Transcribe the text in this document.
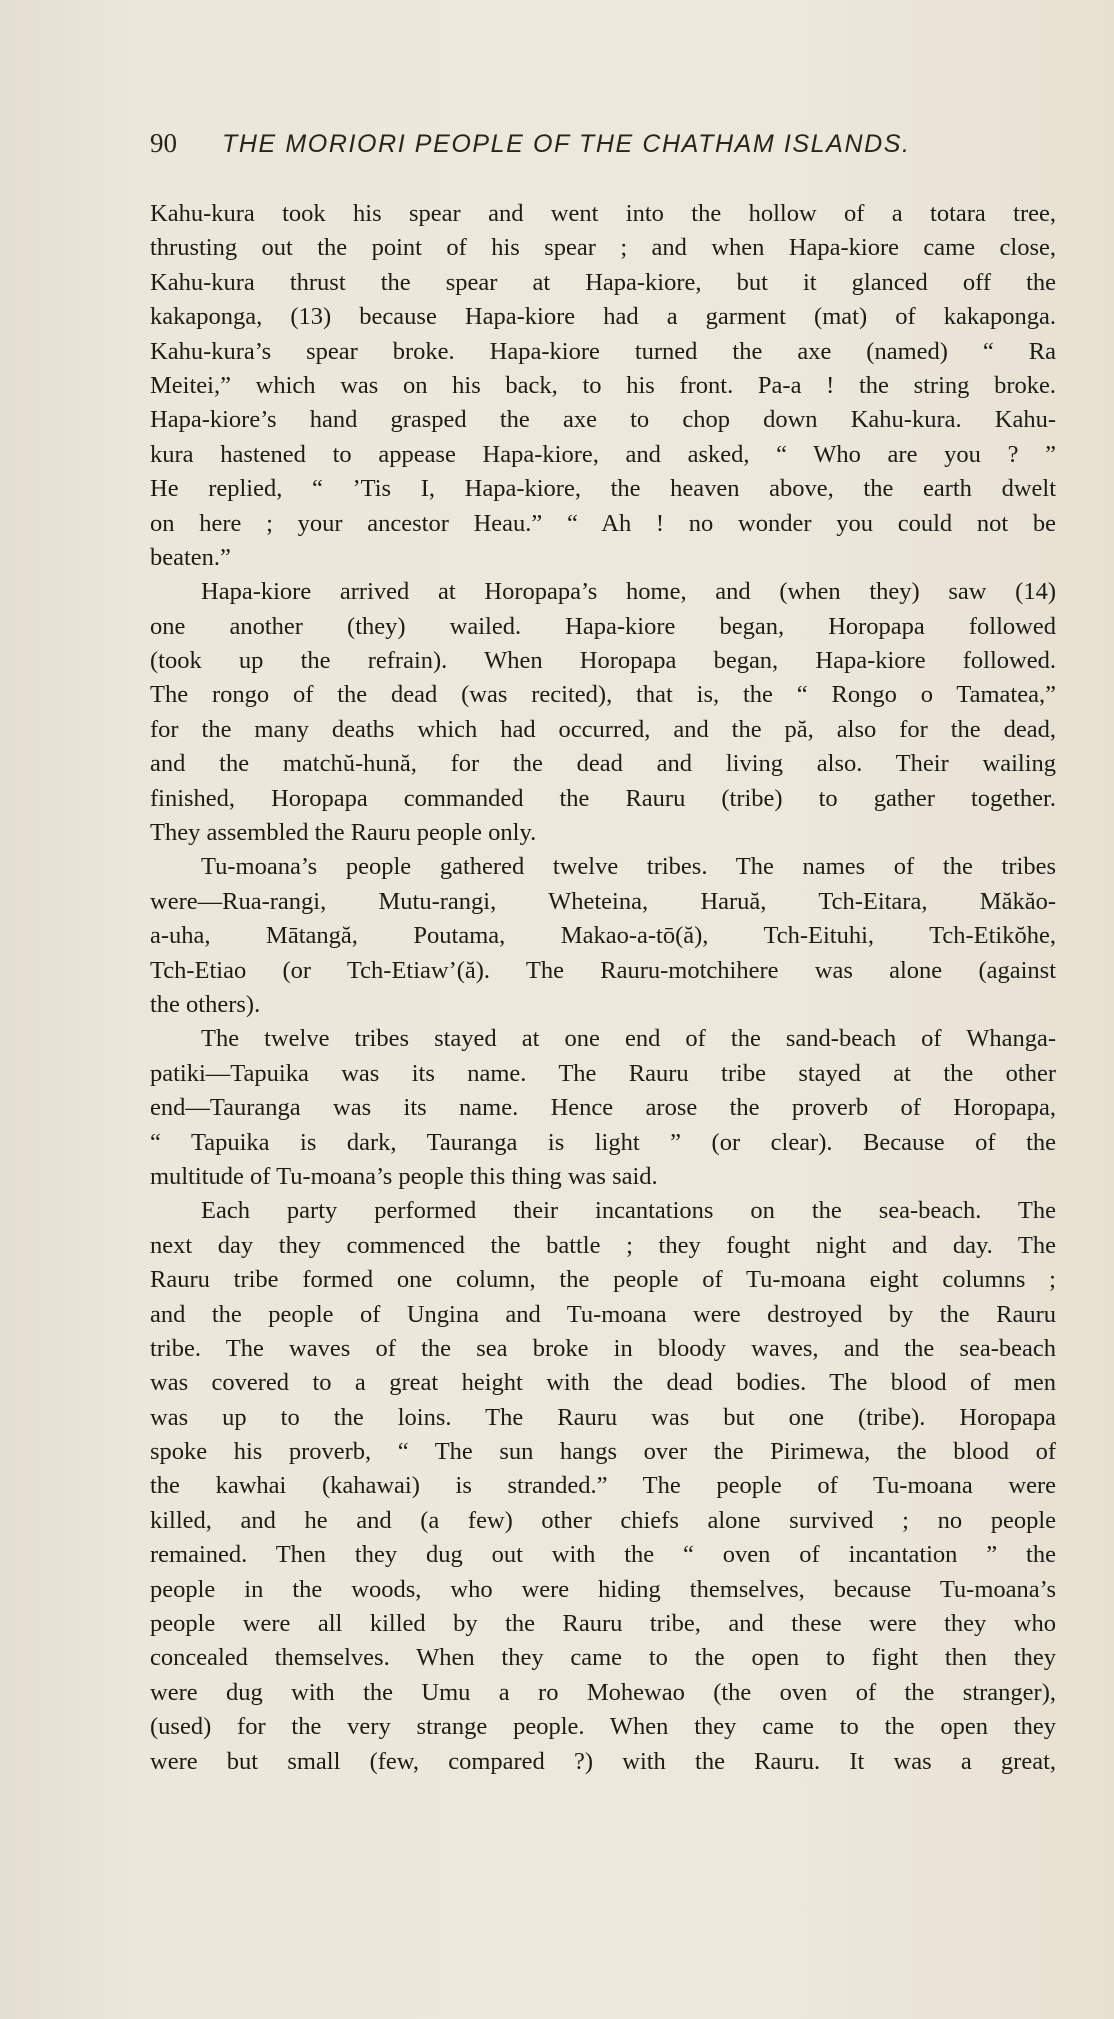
90	THE MORIORI PEOPLE OF THE CHATHAM ISLANDS.
Kahu-kura took his spear and went into the hollow of a totara tree,
thrusting out the point of his spear ; and when Hapa-kiore came close,
Kahu-kura thrust the spear at Hapa-kiore, but it glanced off the
kakaponga, (13) because Hapa-kiore had a garment (mat) of kakaponga.
Kahu-kura’s spear broke. Hapa-kiore turned the axe (named) “ Ra
Meitei,” which was on his back, to his front. Pa-a ! the string broke.
Hapa-kiore’s hand grasped the axe to chop down Kahu-kura. Kahu-
kura hastened to appease Hapa-kiore, and asked, “ Who are you ? ”
He replied, “ ’Tis I, Hapa-kiore, the heaven above, the earth dwelt
on here ; your ancestor Heau.” “ Ah ! no wonder you could not be
beaten.”
Hapa-kiore arrived at Horopapa’s home, and (when they) saw (14)
one another (they) wailed. Hapa-kiore began, Horopapa followed
(took up the refrain). When Horopapa began, Hapa-kiore followed.
The rongo of the dead (was recited), that is, the “ Rongo o Tamatea,”
for the many deaths which had occurred, and the pă, also for the dead,
and the matchŭ-hună, for the dead and living also. Their wailing
finished, Horopapa commanded the Rauru (tribe) to gather together.
They assembled the Rauru people only.
Tu-moana’s people gathered twelve tribes. The names of the tribes
were—Rua-rangi, Mutu-rangi, Wheteina, Haruă, Tch-Eitara, Măkăo-
a-uha, Mātangă, Poutama, Makao-a-tō(ă), Tch-Eituhi, Tch-Etikŏhe,
Tch-Etiao (or Tch-Etiaw’(ă). The Rauru-motchihere was alone (against
the others).
The twelve tribes stayed at one end of the sand-beach of Whanga-
patiki—Tapuika was its name. The Rauru tribe stayed at the other
end—Tauranga was its name. Hence arose the proverb of Horopapa,
“ Tapuika is dark, Tauranga is light ” (or clear). Because of the
multitude of Tu-moana’s people this thing was said.
Each party performed their incantations on the sea-beach. The
next day they commenced the battle ; they fought night and day. The
Rauru tribe formed one column, the people of Tu-moana eight columns ;
and the people of Ungina and Tu-moana were destroyed by the Rauru
tribe. The waves of the sea broke in bloody waves, and the sea-beach
was covered to a great height with the dead bodies. The blood of men
was up to the loins. The Rauru was but one (tribe). Horopapa
spoke his proverb, “ The sun hangs over the Pirimewa, the blood of
the kawhai (kahawai) is stranded.” The people of Tu-moana were
killed, and he and (a few) other chiefs alone survived ; no people
remained. Then they dug out with the “ oven of incantation ” the
people in the woods, who were hiding themselves, because Tu-moana’s
people were all killed by the Rauru tribe, and these were they who
concealed themselves. When they came to the open to fight then they
were dug with the Umu a ro Mohewao (the oven of the stranger),
(used) for the very strange people. When they came to the open they
were but small (few, compared ?) with the Rauru. It was a great,
